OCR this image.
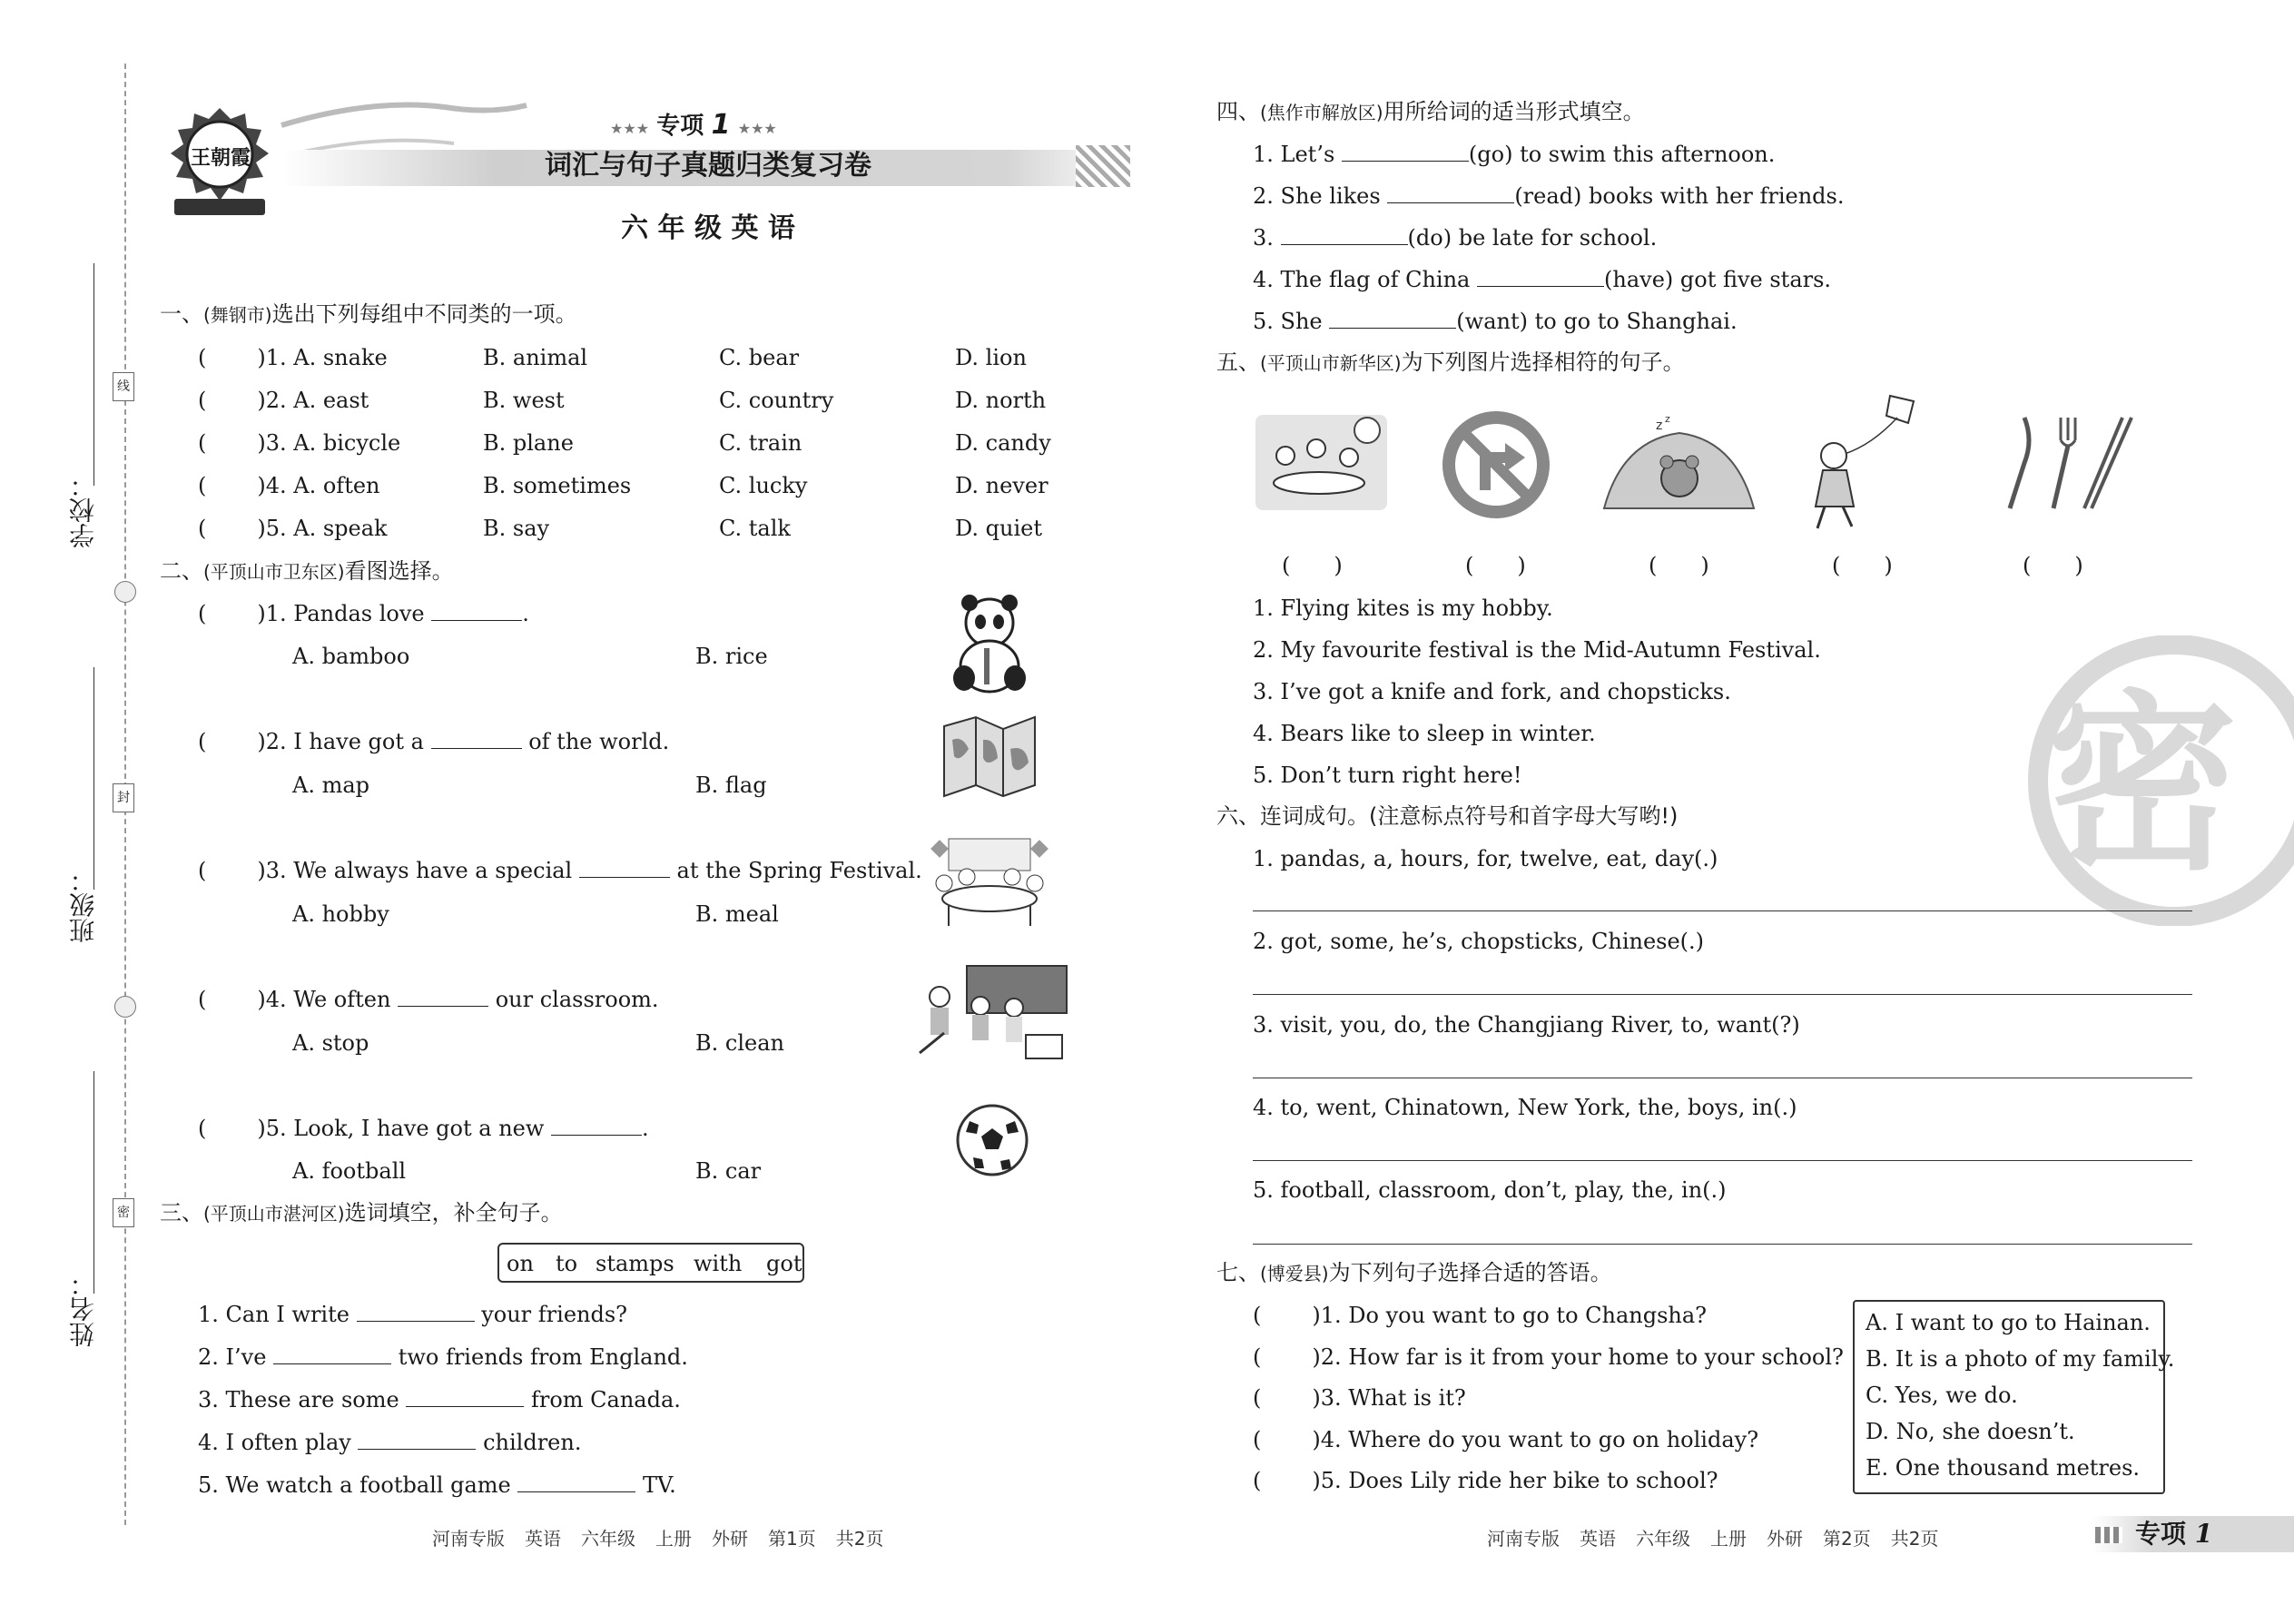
学校：
班级：
姓名：
线
封
密
王朝霞
★★★ 专项 1 ★★★
词汇与句子真题归类复习卷
六 年 级 英 语
一、(舞钢市)选出下列每组中不同类的一项。
( )1. A. snake	B. animal	C. bear	D. lion
( )2. A. east	B. west	C. country	D. north
( )3. A. bicycle	B. plane	C. train	D. candy
( )4. A. often	B. sometimes	C. lucky	D. never
( )5. A. speak	B. say	C. talk	D. quiet
二、(平顶山市卫东区)看图选择。
( )1. Pandas love	.
A. bamboo	B. rice
( )2. I have got a	of the world.
A. map	B. flag
( )3. We always have a special	at the Spring Festival.
A. hobby	B. meal
( )4. We often	our classroom.
A. stop	B. clean
( )5. Look, I have got a new	.
A. football	B. car
三、(平顶山市湛河区)选词填空，补全句子。
on to stamps with got
1. Can I write	your friends?
2. I’ve	two friends from England.
3. These are some	from Canada.
4. I often play	children.
5. We watch a football game	TV.
河南专版 英语 六年级 上册 外研 第1页 共2页
密
四、(焦作市解放区)用所给词的适当形式填空。
1. Let’s	(go) to swim this afternoon.
2. She likes	(read) books with her friends.
3.	(do) be late for school.
4. The flag of China	(have) got five stars.
5. She	(want) to go to Shanghai.
五、(平顶山市新华区)为下列图片选择相符的句子。
z z
(　　)	(　　)	(　　)	(　　)	(　　)
1. Flying kites is my hobby.
2. My favourite festival is the Mid-Autumn Festival.
3. I’ve got a knife and fork, and chopsticks.
4. Bears like to sleep in winter.
5. Don’t turn right here!
六、连词成句。(注意标点符号和首字母大写哟!)
1. pandas, a, hours, for, twelve, eat, day(.)
2. got, some, he’s, chopsticks, Chinese(.)
3. visit, you, do, the Changjiang River, to, want(?)
4. to, went, Chinatown, New York, the, boys, in(.)
5. football, classroom, don’t, play, the, in(.)
七、(博爱县)为下列句子选择合适的答语。
( )1. Do you want to go to Changsha?
( )2. How far is it from your home to your school?
( )3. What is it?
( )4. Where do you want to go on holiday?
( )5. Does Lily ride her bike to school?
A. I want to go to Hainan.
B. It is a photo of my family.
C. Yes, we do.
D. No, she doesn’t.
E. One thousand metres.
河南专版 英语 六年级 上册 外研 第2页 共2页	专项 1
